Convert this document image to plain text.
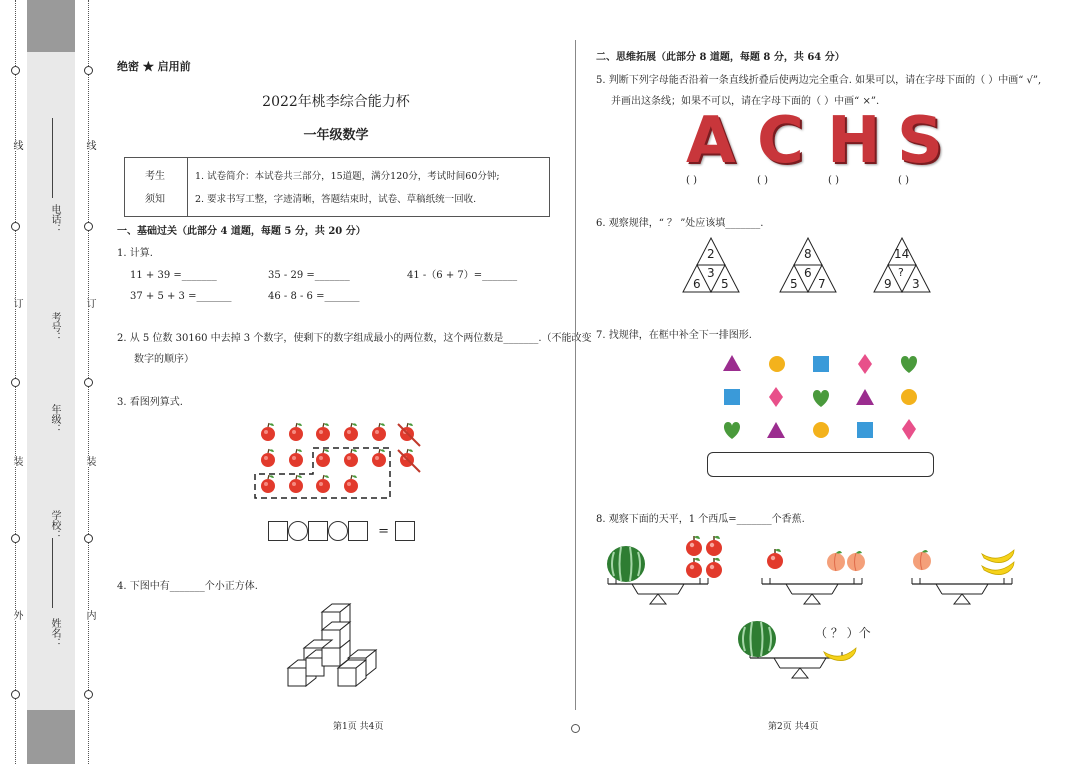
线
订
装
外
线
订
装
内
姓名：
学校：
年级：
考号：
电话：
绝密 ★ 启用前
2022年桃李综合能力杯
一年级数学
考生
须知
1. 试卷简介：本试卷共三部分，15道题，满分120分，考试时间60分钟;
2. 要求书写工整，字迹清晰，答题结束时，试卷、草稿纸统一回收.
一、基础过关（此部分 4 道题，每题 5 分，共 20 分）
1. 计算.
11 + 39 =_______	35 - 29 =_______	41 -（6 + 7）=_______
37 + 5 + 3 =_______	46 - 8 - 6 =_______
2. 从 5 位数 30160 中去掉 3 个数字，使剩下的数字组成最小的两位数，这个两位数是_______.（不能改变
数字的顺序）
3. 看图列算式.
=
4. 下图中有_______个小正方体.
第1页 共4页
二、思维拓展（此部分 8 道题，每题 8 分，共 64 分）
5. 判断下列字母能否沿着一条直线折叠后使两边完全重合. 如果可以，请在字母下面的（ ）中画“ √”,
并画出这条线；如果不可以，请在字母下面的（ ）中画“ ×”.
A C H S
( )	( )	( )	( )
6. 观察规律，“ ？ ”处应该填_______.
2
3
6 5
8
6
5 7
14
?
9 3
7. 找规律，在框中补全下一排图形.
8. 观察下面的天平，1 个西瓜=_______个香蕉.
（ ？ ）个
第2页 共4页
